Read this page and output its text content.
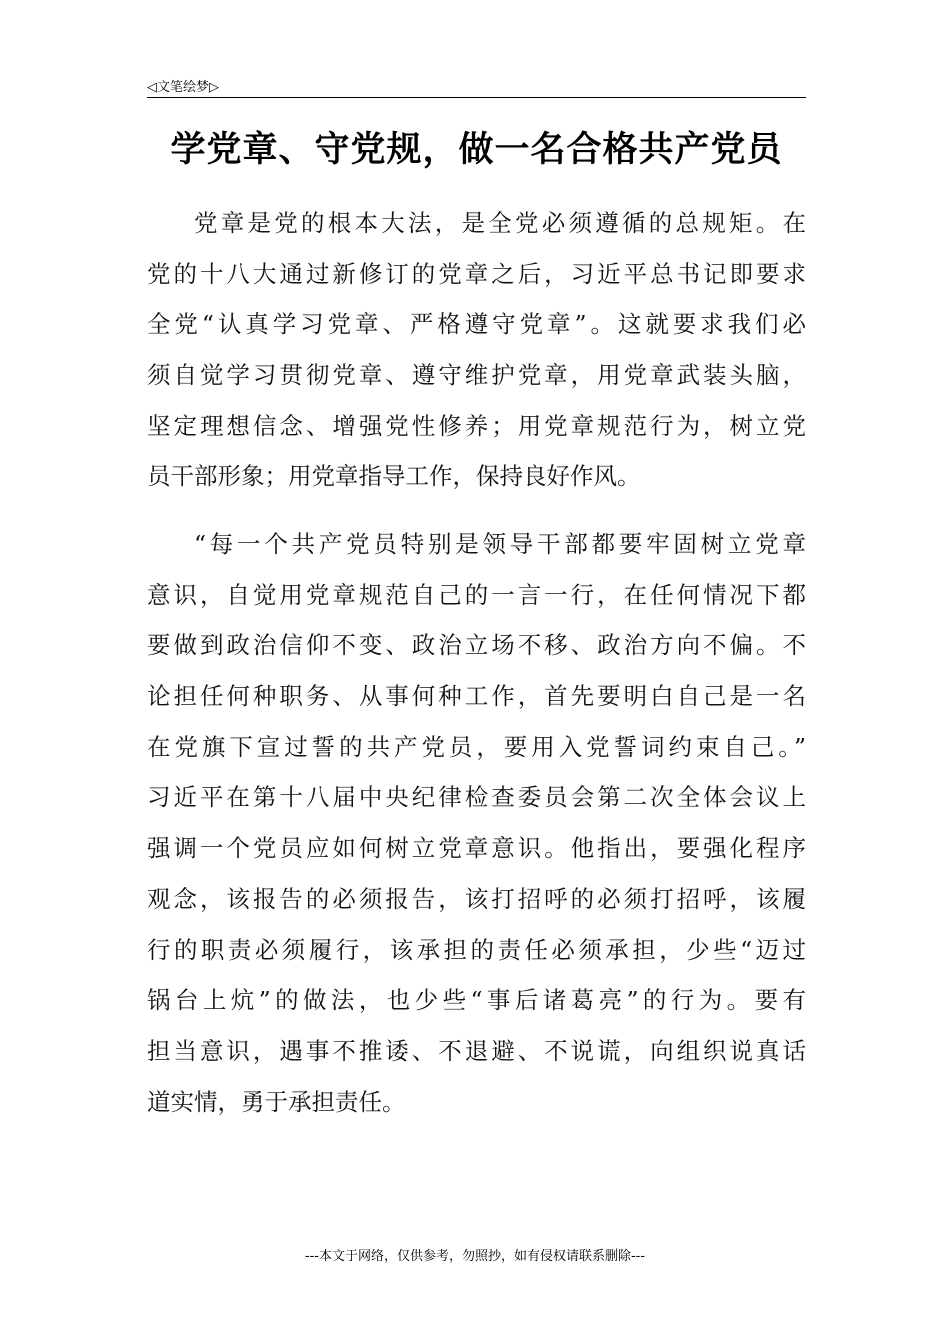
◁文笔绘梦▷
学党章、守党规，做一名合格共产党员
党章是党的根本大法，是全党必须遵循的总规矩。在
党的十八大通过新修订的党章之后，习近平总书记即要求
全党“认真学习党章、严格遵守党章”。这就要求我们必
须自觉学习贯彻党章、遵守维护党章，用党章武装头脑，
坚定理想信念、增强党性修养；用党章规范行为，树立党
员干部形象；用党章指导工作，保持良好作风。
“每一个共产党员特别是领导干部都要牢固树立党章
意识，自觉用党章规范自己的一言一行，在任何情况下都
要做到政治信仰不变、政治立场不移、政治方向不偏。不
论担任何种职务、从事何种工作，首先要明白自己是一名
在党旗下宣过誓的共产党员，要用入党誓词约束自己。”
习近平在第十八届中央纪律检查委员会第二次全体会议上
强调一个党员应如何树立党章意识。他指出，要强化程序
观念，该报告的必须报告，该打招呼的必须打招呼，该履
行的职责必须履行，该承担的责任必须承担，少些“迈过
锅台上炕”的做法，也少些“事后诸葛亮”的行为。要有
担当意识，遇事不推诿、不退避、不说谎，向组织说真话
道实情，勇于承担责任。
---本文于网络，仅供参考，勿照抄，如有侵权请联系删除---
